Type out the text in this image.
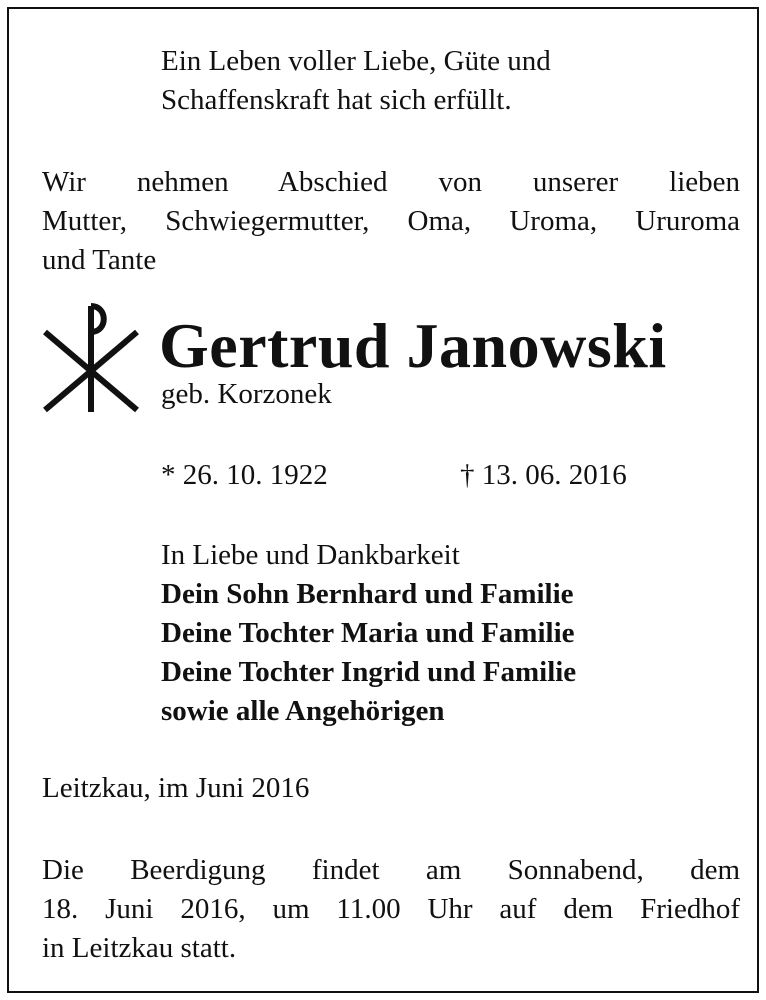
Ein Leben voller Liebe, Güte und
Schaffenskraft hat sich erfüllt.
Wir nehmen Abschied von unserer lieben
Mutter, Schwiegermutter, Oma, Uroma, Ururoma
und Tante
Gertrud Janowski
geb. Korzonek
* 26. 10. 1922	† 13. 06. 2016
In Liebe und Dankbarkeit
Dein Sohn Bernhard und Familie
Deine Tochter Maria und Familie
Deine Tochter Ingrid und Familie
sowie alle Angehörigen
Leitzkau, im Juni 2016
Die Beerdigung findet am Sonnabend, dem
18. Juni 2016, um 11.00 Uhr auf dem Friedhof
in Leitzkau statt.
